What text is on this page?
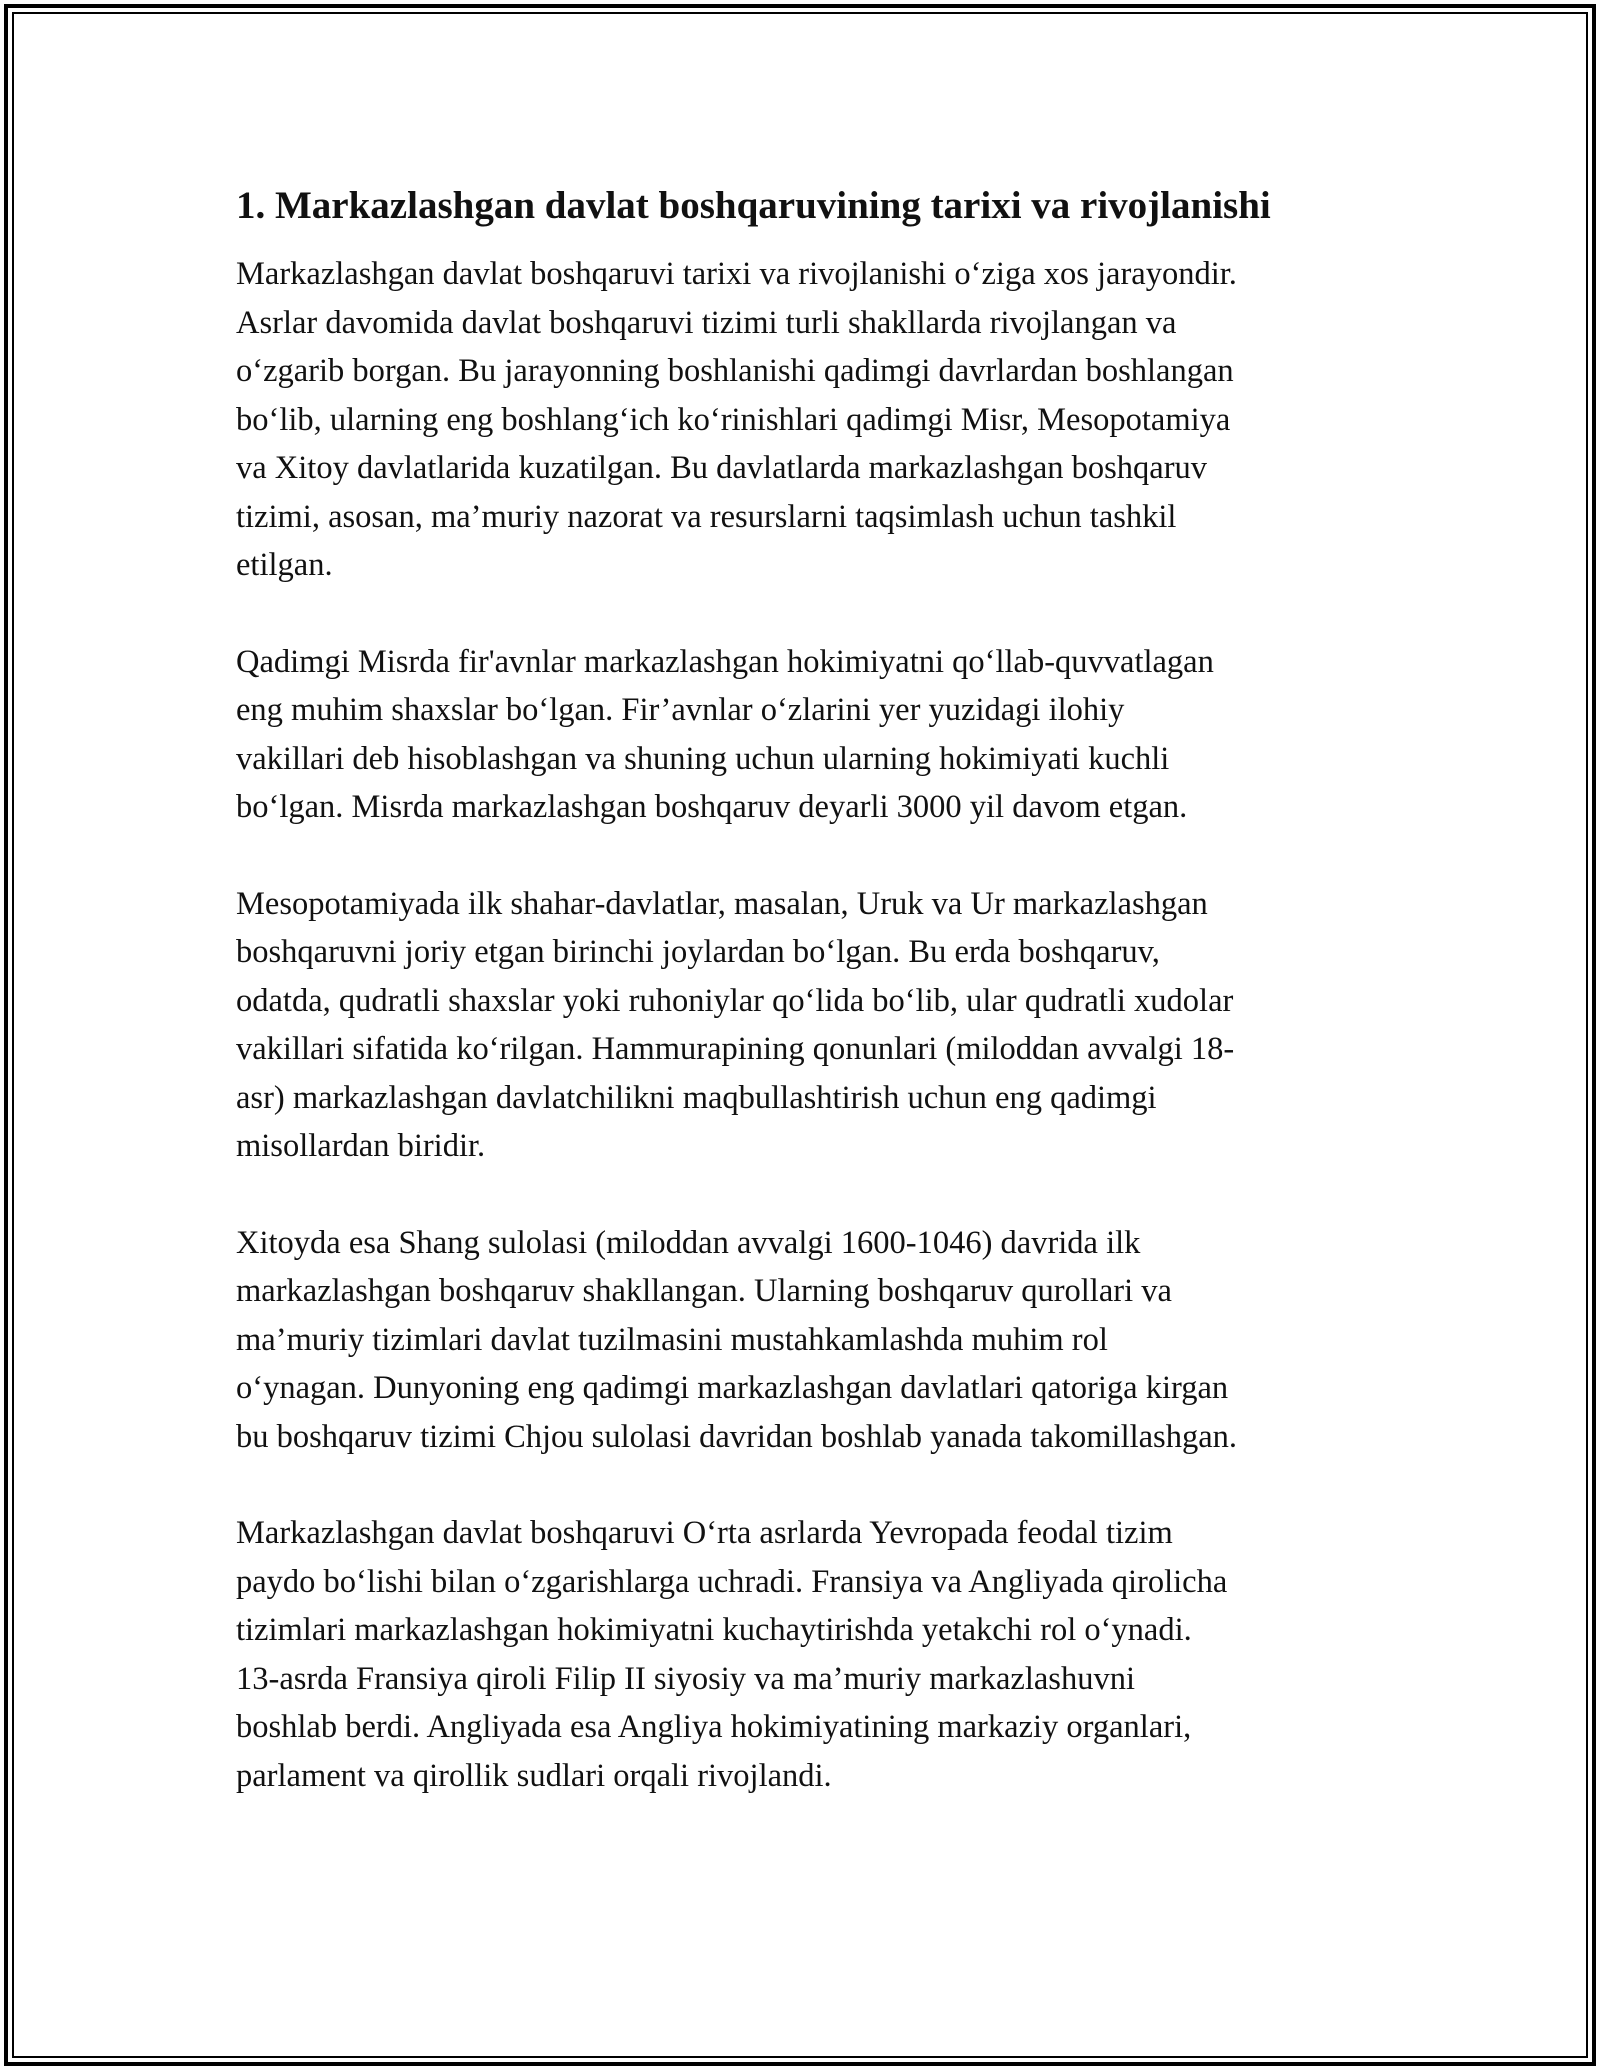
1. Markazlashgan davlat boshqaruvining tarixi va rivojlanishi

Markazlashgan davlat boshqaruvi tarixi va rivojlanishi o‘ziga xos jarayondir.
Asrlar davomida davlat boshqaruvi tizimi turli shakllarda rivojlangan va
o‘zgarib borgan. Bu jarayonning boshlanishi qadimgi davrlardan boshlangan
bo‘lib, ularning eng boshlang‘ich ko‘rinishlari qadimgi Misr, Mesopotamiya
va Xitoy davlatlarida kuzatilgan. Bu davlatlarda markazlashgan boshqaruv
tizimi, asosan, ma’muriy nazorat va resurslarni taqsimlash uchun tashkil
etilgan.

Qadimgi Misrda fir'avnlar markazlashgan hokimiyatni qo‘llab-quvvatlagan
eng muhim shaxslar bo‘lgan. Fir’avnlar o‘zlarini yer yuzidagi ilohiy
vakillari deb hisoblashgan va shuning uchun ularning hokimiyati kuchli
bo‘lgan. Misrda markazlashgan boshqaruv deyarli 3000 yil davom etgan.

Mesopotamiyada ilk shahar-davlatlar, masalan, Uruk va Ur markazlashgan
boshqaruvni joriy etgan birinchi joylardan bo‘lgan. Bu erda boshqaruv,
odatda, qudratli shaxslar yoki ruhoniylar qo‘lida bo‘lib, ular qudratli xudolar
vakillari sifatida ko‘rilgan. Hammurapining qonunlari (miloddan avvalgi 18-
asr) markazlashgan davlatchilikni maqbullashtirish uchun eng qadimgi
misollardan biridir.

Xitoyda esa Shang sulolasi (miloddan avvalgi 1600-1046) davrida ilk
markazlashgan boshqaruv shakllangan. Ularning boshqaruv qurollari va
ma’muriy tizimlari davlat tuzilmasini mustahkamlashda muhim rol
o‘ynagan. Dunyoning eng qadimgi markazlashgan davlatlari qatoriga kirgan
bu boshqaruv tizimi Chjou sulolasi davridan boshlab yanada takomillashgan.

Markazlashgan davlat boshqaruvi O‘rta asrlarda Yevropada feodal tizim
paydo bo‘lishi bilan o‘zgarishlarga uchradi. Fransiya va Angliyada qirolicha
tizimlari markazlashgan hokimiyatni kuchaytirishda yetakchi rol o‘ynadi.
13-asrda Fransiya qiroli Filip II siyosiy va ma’muriy markazlashuvni
boshlab berdi. Angliyada esa Angliya hokimiyatining markaziy organlari,
parlament va qirollik sudlari orqali rivojlandi.
